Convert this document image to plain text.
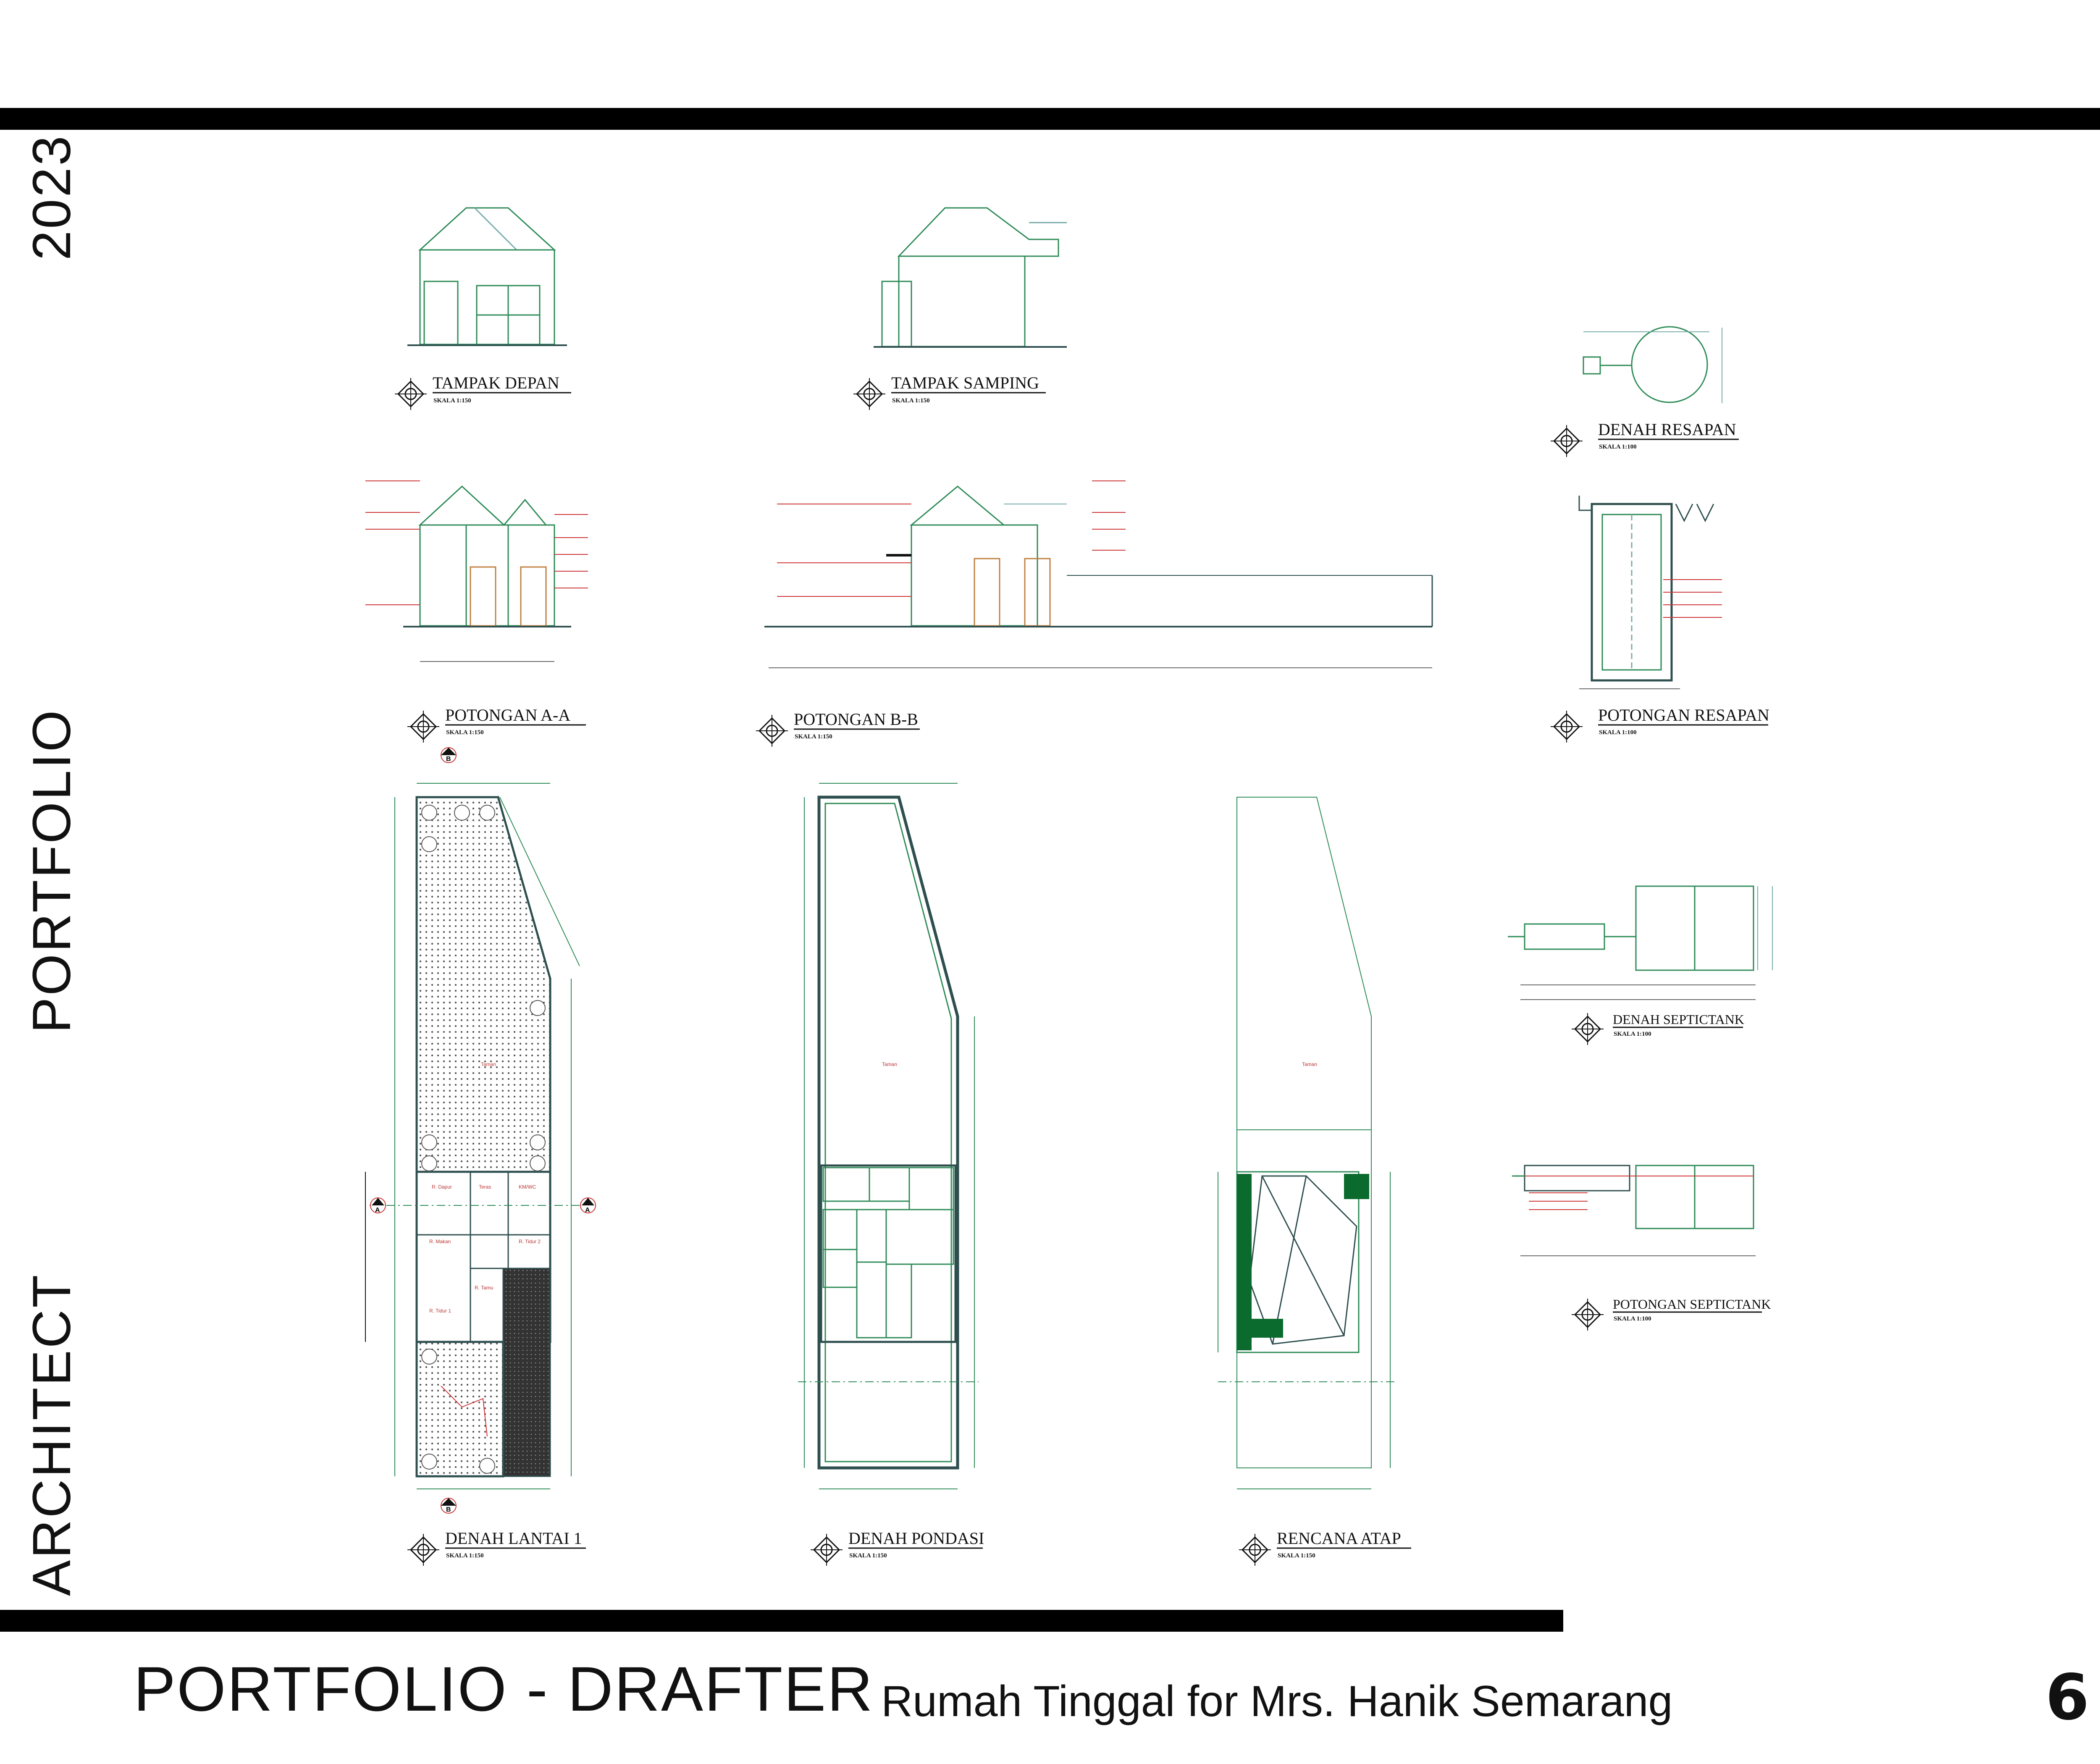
2023
PORTFOLIO
ARCHITECT
TAMPAK DEPAN
SKALA 1:150
TAMPAK SAMPING
SKALA 1:150
DENAH RESAPAN
SKALA 1:100
POTONGAN A-A
SKALA 1:150
POTONGAN B-B
SKALA 1:150
POTONGAN RESAPAN
SKALA 1:100
DENAH SEPTICTANK
SKALA 1:100
POTONGAN SEPTICTANK
SKALA 1:100
A	A
B
B
Taman
R. Dapur	Teras
R. Makan	R. Tidur 2
R. Tamu
R. Tidur 1
KM/WC
DENAH LANTAI 1
SKALA 1:150
Taman
DENAH PONDASI
SKALA 1:150
Taman
RENCANA ATAP
SKALA 1:150
PORTFOLIO - DRAFTER Rumah Tinggal for Mrs. Hanik Semarang	6
